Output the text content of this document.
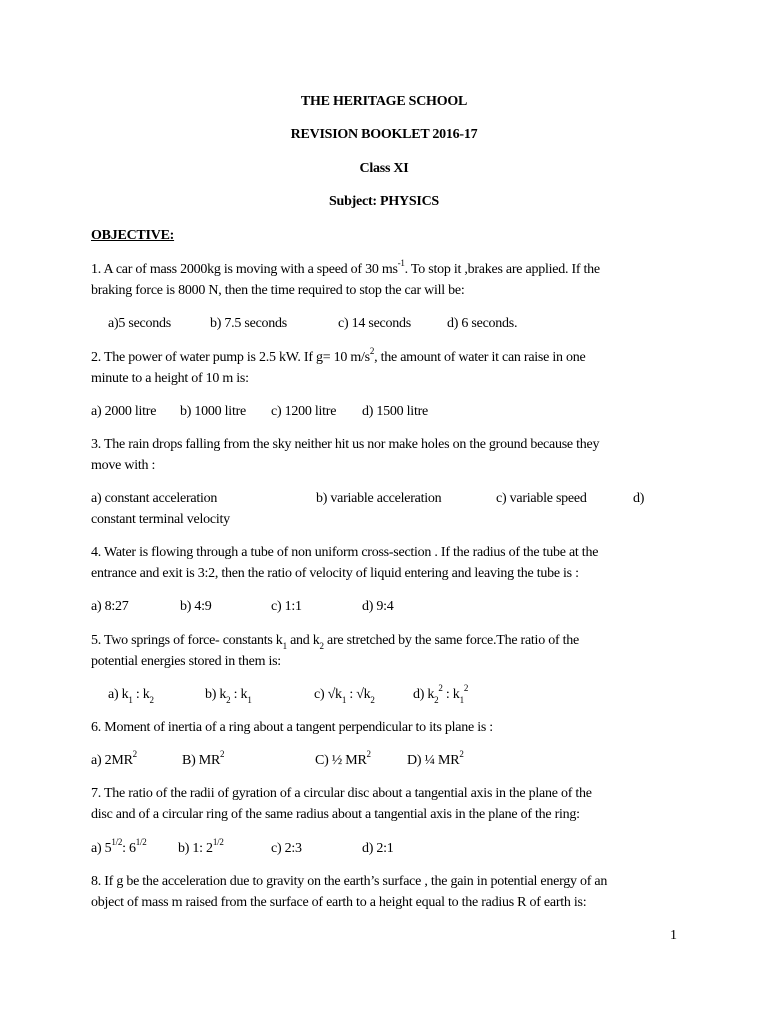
THE HERITAGE SCHOOL
REVISION BOOKLET 2016-17
Class XI
Subject: PHYSICS
OBJECTIVE:
1. A car of mass 2000kg is moving with a speed of 30 $ms^{-1}$. To stop it ,brakes are applied. If the
braking force is 8000 N, then the time required to stop the car will be:
a)5 seconds	b) 7.5 seconds	c) 14 seconds	d) 6 seconds.
2. The power of water pump is 2.5 kW. If g= 10 $m/s^2$, the amount of water it can raise in one
minute to a height of 10 m is:
a) 2000 litre b) 1000 litre c) 1200 litre d) 1500 litre
3. The rain drops falling from the sky neither hit us nor make holes on the ground because they
move with :
a) constant acceleration	b) variable acceleration	c) variable speed	d)
constant terminal velocity
4. Water is flowing through a tube of non uniform cross-section . If the radius of the tube at the
entrance and exit is 3:2, then the ratio of velocity of liquid entering and leaving the tube is :
a) 8:27	b) 4:9	c) 1:1	d) 9:4
5. Two springs of force- constants $k_1$ and $k_2$ are stretched by the same force.The ratio of the
potential energies stored in them is:
a) $k_1$ : $k_2$	b) $k_2$ : $k_1$	c) $√k_1$ : $√k_2$	d) $k_2^2$ : $k_1^2$
6. Moment of inertia of a ring about a tangent perpendicular to its plane is :
a) $2MR^2$	B) $MR^2$	C) ½ $MR^2$	D) ¼ $MR^2$
7. The ratio of the radii of gyration of a circular disc about a tangential axis in the plane of the
disc and of a circular ring of the same radius about a tangential axis in the plane of the ring:
a) $5^{1/2}$: $6^{1/2}$ b) 1: $2^{1/2}$	c) 2:3	d) 2:1
8. If g be the acceleration due to gravity on the earth’s surface , the gain in potential energy of an
object of mass m raised from the surface of earth to a height equal to the radius R of earth is:
1
